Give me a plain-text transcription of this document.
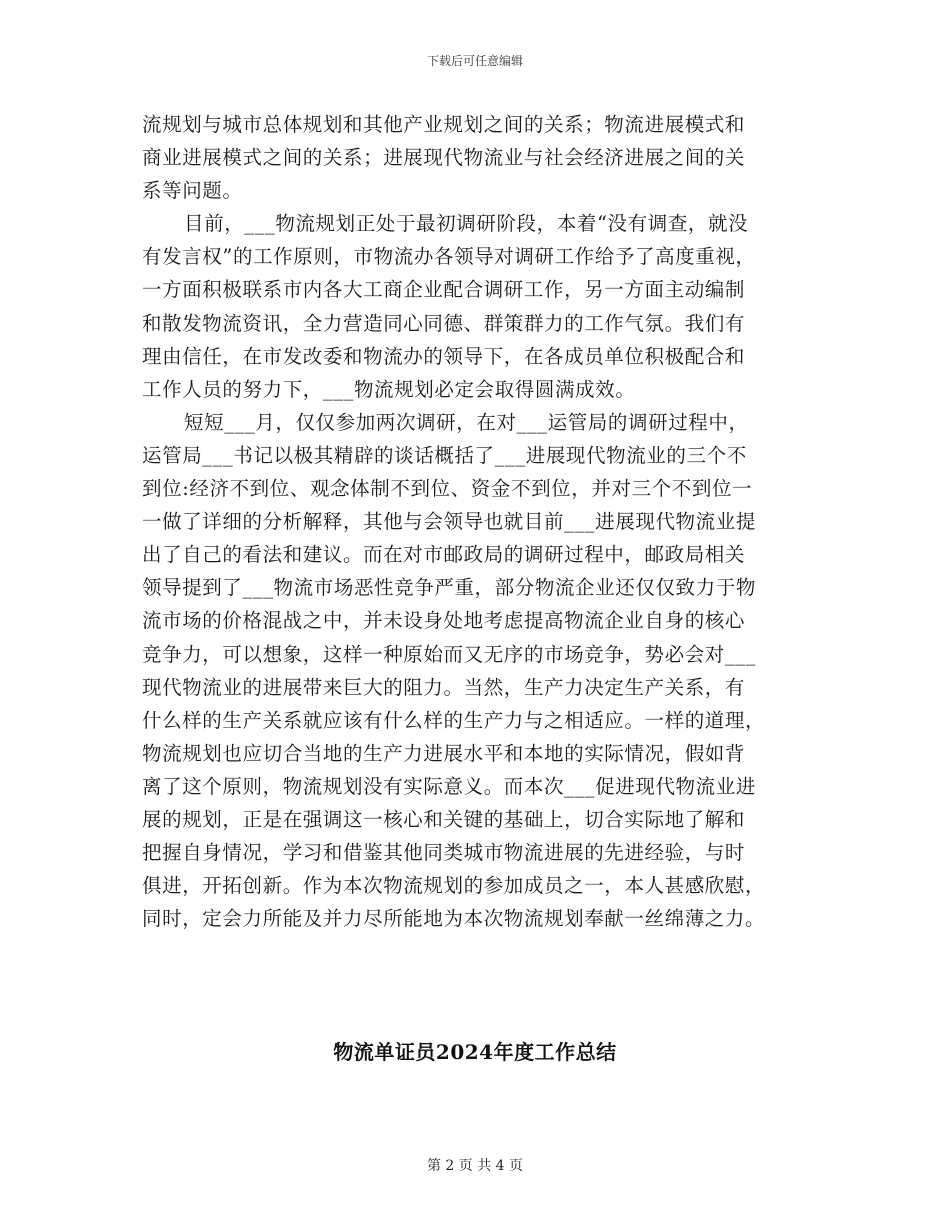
下载后可任意编辑
流规划与城市总体规划和其他产业规划之间的关系；物流进展模式和
商业进展模式之间的关系；进展现代物流业与社会经济进展之间的关
系等问题。
目前，___物流规划正处于最初调研阶段，本着“没有调查，就没
有发言权”的工作原则，市物流办各领导对调研工作给予了高度重视，
一方面积极联系市内各大工商企业配合调研工作，另一方面主动编制
和散发物流资讯，全力营造同心同德、群策群力的工作气氛。我们有
理由信任，在市发改委和物流办的领导下，在各成员单位积极配合和
工作人员的努力下，___物流规划必定会取得圆满成效。
短短___月，仅仅参加两次调研，在对___运管局的调研过程中，
运管局___书记以极其精辟的谈话概括了___进展现代物流业的三个不
到位:经济不到位、观念体制不到位、资金不到位，并对三个不到位一
一做了详细的分析解释，其他与会领导也就目前___进展现代物流业提
出了自己的看法和建议。而在对市邮政局的调研过程中，邮政局相关
领导提到了___物流市场恶性竞争严重，部分物流企业还仅仅致力于物
流市场的价格混战之中，并未设身处地考虑提高物流企业自身的核心
竞争力，可以想象，这样一种原始而又无序的市场竞争，势必会对___
现代物流业的进展带来巨大的阻力。当然，生产力决定生产关系，有
什么样的生产关系就应该有什么样的生产力与之相适应。一样的道理，
物流规划也应切合当地的生产力进展水平和本地的实际情况，假如背
离了这个原则，物流规划没有实际意义。而本次___促进现代物流业进
展的规划，正是在强调这一核心和关键的基础上，切合实际地了解和
把握自身情况，学习和借鉴其他同类城市物流进展的先进经验，与时
俱进，开拓创新。作为本次物流规划的参加成员之一，本人甚感欣慰，
同时，定会力所能及并力尽所能地为本次物流规划奉献一丝绵薄之力。
物流单证员2024年度工作总结
第 2 页 共 4 页
